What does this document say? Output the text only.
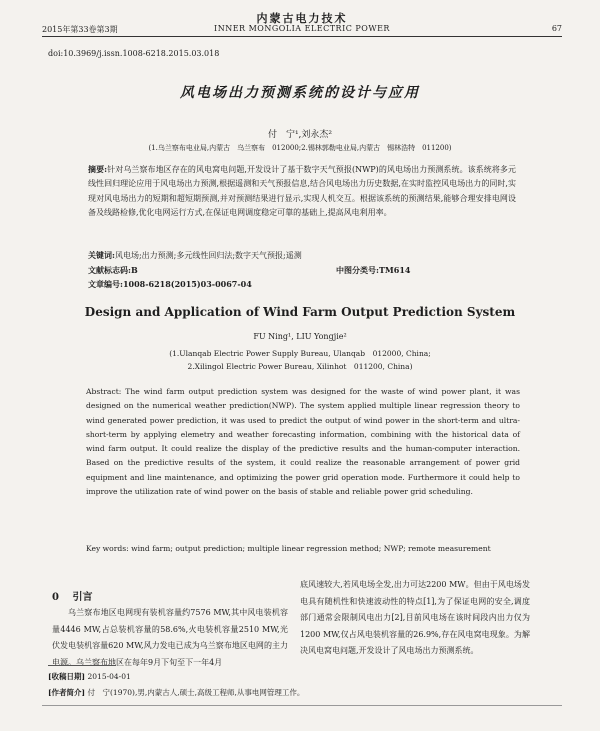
内蒙古电力技术
2015年第33卷第3期	INNER MONGOLIA ELECTRIC POWER	67
doi:10.3969/j.issn.1008-6218.2015.03.018
风电场出力预测系统的设计与应用
付　宁¹,刘永杰²
(1.乌兰察布电业局,内蒙古　乌兰察布　012000;2.锡林郭勒电业局,内蒙古　锡林浩特　011200)
摘要:针对乌兰察布地区存在的风电窝电问题,开发设计了基于数字天气预报(NWP)的风电场出力预测系统。该系统将多元线性回归理论应用于风电场出力预测,根据遥测和天气预报信息,结合风电场出力历史数据,在实时监控风电场出力的同时,实现对风电场出力的短期和超短期预测,并对预测结果进行显示,实现人机交互。根据该系统的预测结果,能够合理安排电网设备及线路检修,优化电网运行方式,在保证电网调度稳定可靠的基础上,提高风电利用率。
关键词:风电场;出力预测;多元线性回归法;数字天气预报;遥测
文献标志码:B	中图分类号:TM614
文章编号:1008-6218(2015)03-0067-04
Design and Application of Wind Farm Output Prediction System
FU Ning¹, LIU Yongjie²
(1.Ulanqab Electric Power Supply Bureau, Ulanqab　012000, China;
2.Xilingol Electric Power Bureau, Xilinhot　011200, China)
Abstract: The wind farm output prediction system was designed for the waste of wind power plant, it was designed on the numerical weather prediction(NWP). The system applied multiple linear regression theory to wind generated power prediction, it was used to predict the output of wind power in the short-term and ultra-short-term by applying elemetry and weather forecasting information, combining with the historical data of wind farm output. It could realize the display of the predictive results and the human-computer interaction. Based on the predictive results of the system, it could realize the reasonable arrangement of power grid equipment and line maintenance, and optimizing the power grid operation mode. Furthermore it could help to improve the utilization rate of wind power on the basis of stable and reliable power grid scheduling.
Key words: wind farm; output prediction; multiple linear regression method; NWP; remote measurement
0 引言
乌兰察布地区电网现有装机容量约7576 MW,其中风电装机容量4446 MW,占总装机容量的58.6%,火电装机容量2510 MW,光伏发电装机容量620 MW,风力发电已成为乌兰察布地区电网的主力电源。乌兰察布地区在每年9月下旬至下一年4月
底风速较大,若风电场全发,出力可达2200 MW。但由于风电场发电具有随机性和快速波动性的特点[1],为了保证电网的安全,调度部门通常会限制风电出力[2],目前风电场在该时间段内出力仅为1200 MW,仅占风电装机容量的26.9%,存在风电窝电现象。为解决风电窝电问题,开发设计了风电场出力预测系统。
[收稿日期] 2015-04-01
[作者简介] 付　宁(1970),男,内蒙古人,硕士,高级工程师,从事电网管理工作。
